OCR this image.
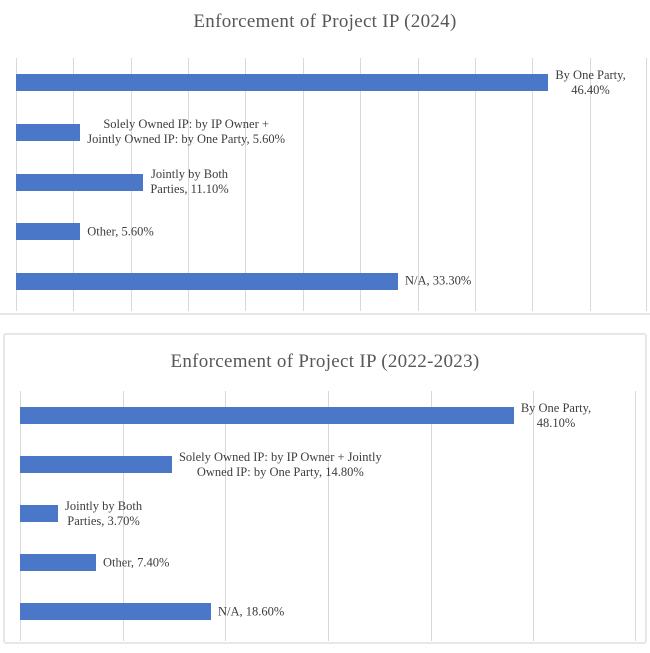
Enforcement of Project IP (2024)
By One Party,
46.40%
Solely Owned IP: by IP Owner +
Jointly Owned IP: by One Party, 5.60%
Jointly by Both
Parties, 11.10%
Other, 5.60%
N/A, 33.30%
Enforcement of Project IP (2022-2023)
By One Party,
48.10%
Solely Owned IP: by IP Owner + Jointly
Owned IP: by One Party, 14.80%
Jointly by Both
Parties, 3.70%
Other, 7.40%
N/A, 18.60%
